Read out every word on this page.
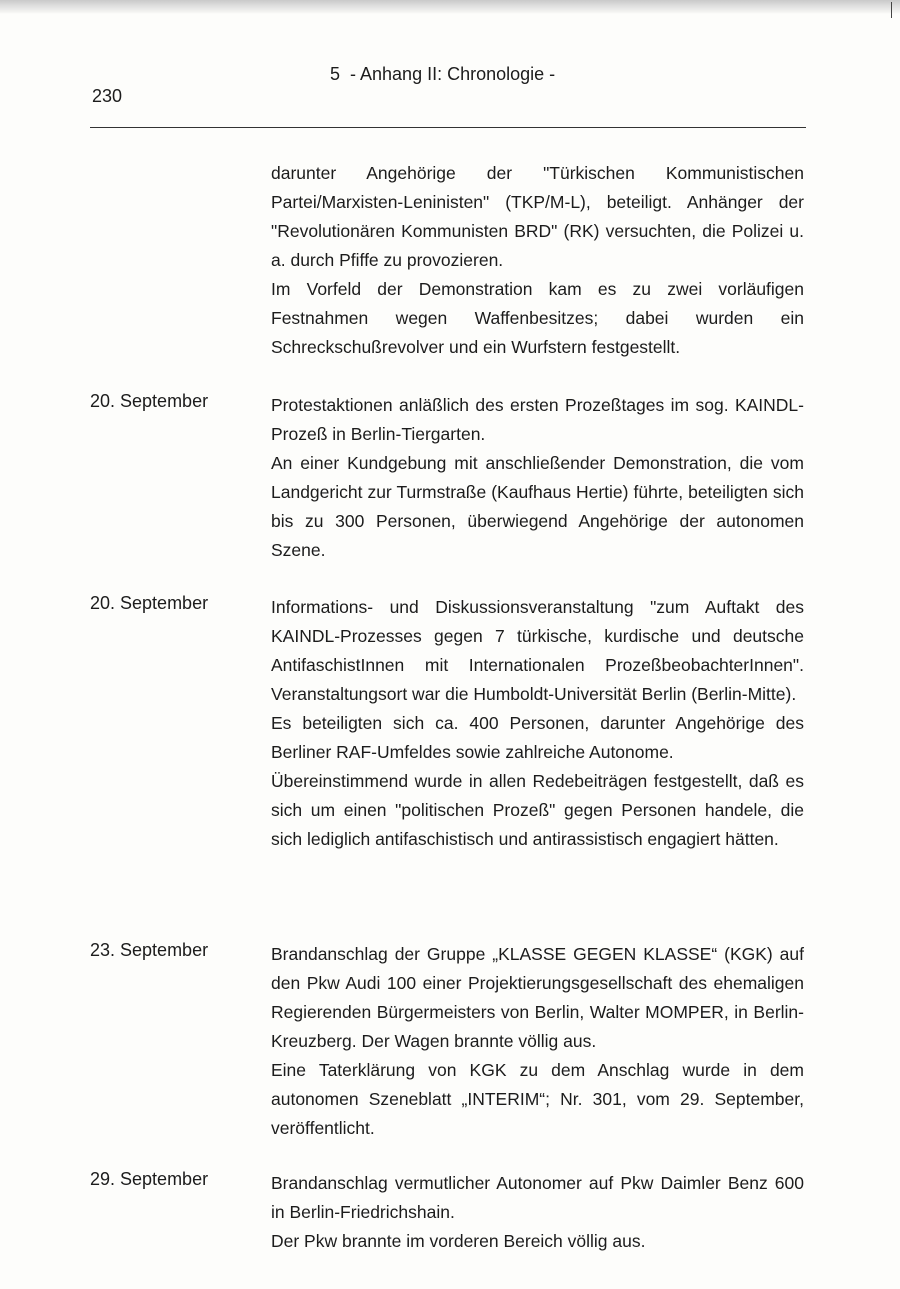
230
5  - Anhang II: Chronologie -

darunter Angehörige der "Türkischen Kommunistischen Partei/Marxisten-Leninisten" (TKP/M-L), beteiligt. Anhänger der "Revolutionären Kommunisten BRD" (RK) versuchten, die Polizei u. a. durch Pfiffe zu provozieren.

Im Vorfeld der Demonstration kam es zu zwei vorläufigen Festnahmen wegen Waffenbesitzes; dabei wurden ein Schreckschußrevolver und ein Wurfstern festgestellt.

20. September	Protestaktionen anläßlich des ersten Prozeßtages im sog. KAINDL-Prozeß in Berlin-Tiergarten.

An einer Kundgebung mit anschließender Demonstration, die vom Landgericht zur Turmstraße (Kaufhaus Hertie) führte, beteiligten sich bis zu 300 Personen, überwiegend Angehörige der autonomen Szene.

20. September	Informations- und Diskussionsveranstaltung "zum Auftakt des KAINDL-Prozesses gegen 7 türkische, kurdische und deutsche AntifaschistInnen mit Internationalen ProzeßbeobachterInnen". Veranstaltungsort war die Humboldt-Universität Berlin (Berlin-Mitte).

Es beteiligten sich ca. 400 Personen, darunter Angehörige des Berliner RAF-Umfeldes sowie zahlreiche Autonome.

Übereinstimmend wurde in allen Redebeiträgen festgestellt, daß es sich um einen "politischen Prozeß" gegen Personen handele, die sich lediglich antifaschistisch und antirassistisch engagiert hätten.

23. September	Brandanschlag der Gruppe „KLASSE GEGEN KLASSE“ (KGK) auf den Pkw Audi 100 einer Projektierungsgesellschaft des ehemaligen Regierenden Bürgermeisters von Berlin, Walter MOMPER, in Berlin-Kreuzberg. Der Wagen brannte völlig aus.

Eine Taterklärung von KGK zu dem Anschlag wurde in dem autonomen Szeneblatt „INTERIM“; Nr. 301, vom 29. September, veröffentlicht.

29. September	Brandanschlag vermutlicher Autonomer auf Pkw Daimler Benz 600 in Berlin-Friedrichshain.

Der Pkw brannte im vorderen Bereich völlig aus.
